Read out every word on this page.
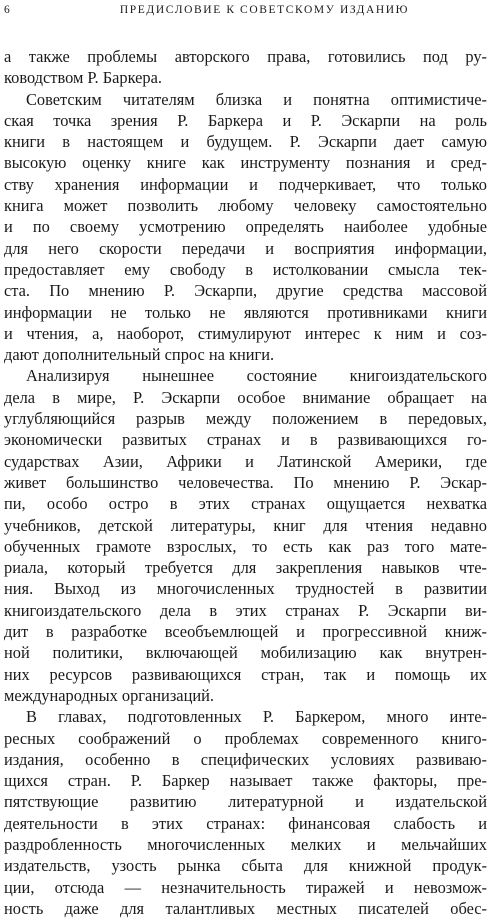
6	ПРЕДИСЛОВИЕ К СОВЕТСКОМУ ИЗДАНИЮ
а также проблемы авторского права, готовились под ру-
ководством Р. Баркера.
Советским читателям близка и понятна оптимистиче-
ская точка зрения Р. Баркера и Р. Эскарпи на роль
книги в настоящем и будущем. Р. Эскарпи дает самую
высокую оценку книге как инструменту познания и сред-
ству хранения информации и подчеркивает, что только
книга может позволить любому человеку самостоятельно
и по своему усмотрению определять наиболее удобные
для него скорости передачи и восприятия информации,
предоставляет ему свободу в истолковании смысла тек-
ста. По мнению Р. Эскарпи, другие средства массовой
информации не только не являются противниками книги
и чтения, а, наоборот, стимулируют интерес к ним и соз-
дают дополнительный спрос на книги.
Анализируя нынешнее состояние книгоиздательского
дела в мире, Р. Эскарпи особое внимание обращает на
углубляющийся разрыв между положением в передовых,
экономически развитых странах и в развивающихся го-
сударствах Азии, Африки и Латинской Америки, где
живет большинство человечества. По мнению Р. Эскар-
пи, особо остро в этих странах ощущается нехватка
учебников, детской литературы, книг для чтения недавно
обученных грамоте взрослых, то есть как раз того мате-
риала, который требуется для закрепления навыков чте-
ния. Выход из многочисленных трудностей в развитии
книгоиздательского дела в этих странах Р. Эскарпи ви-
дит в разработке всеобъемлющей и прогрессивной книж-
ной политики, включающей мобилизацию как внутрен-
них ресурсов развивающихся стран, так и помощь их
международных организаций.
В главах, подготовленных Р. Баркером, много инте-
ресных соображений о проблемах современного книго-
издания, особенно в специфических условиях развиваю-
щихся стран. Р. Баркер называет также факторы, пре-
пятствующие развитию литературной и издательской
деятельности в этих странах: финансовая слабость и
раздробленность многочисленных мелких и мельчайших
издательств, узость рынка сбыта для книжной продук-
ции, отсюда — незначительность тиражей и невозмож-
ность даже для талантливых местных писателей обес-
